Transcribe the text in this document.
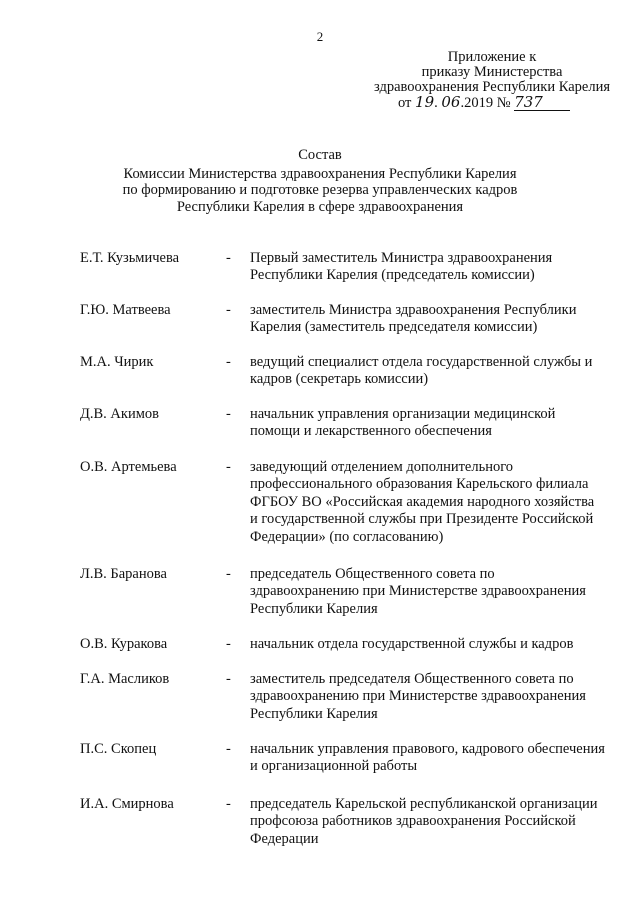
2
Приложение к
приказу Министерства
здравоохранения Республики Карелия
от 19. 06.2019 № 737
Состав
Комиссии Министерства здравоохранения Республики Карелия
по формированию и подготовке резерва управленческих кадров
Республики Карелия в сфере здравоохранения
Е.Т. Кузьмичева	-	Первый заместитель Министра здравоохранения Республики Карелия (председатель комиссии)
Г.Ю. Матвеева	-	заместитель Министра здравоохранения Республики Карелия (заместитель председателя комиссии)
М.А. Чирик	-	ведущий специалист отдела государственной службы и кадров (секретарь комиссии)
Д.В. Акимов	-	начальник управления организации медицинской помощи и лекарственного обеспечения
О.В. Артемьева	-	заведующий отделением дополнительного профессионального образования Карельского филиала ФГБОУ ВО «Российская академия народного хозяйства и государственной службы при Президенте Российской Федерации» (по согласованию)
Л.В. Баранова	-	председатель Общественного совета по здравоохранению при Министерстве здравоохранения Республики Карелия
О.В. Куракова	-	начальник отдела государственной службы и кадров
Г.А. Масликов	-	заместитель председателя Общественного совета по здравоохранению при Министерстве здравоохранения Республики Карелия
П.С. Скопец	-	начальник управления правового, кадрового обеспечения и организационной работы
И.А. Смирнова	-	председатель Карельской республиканской организации профсоюза работников здравоохранения Российской Федерации
